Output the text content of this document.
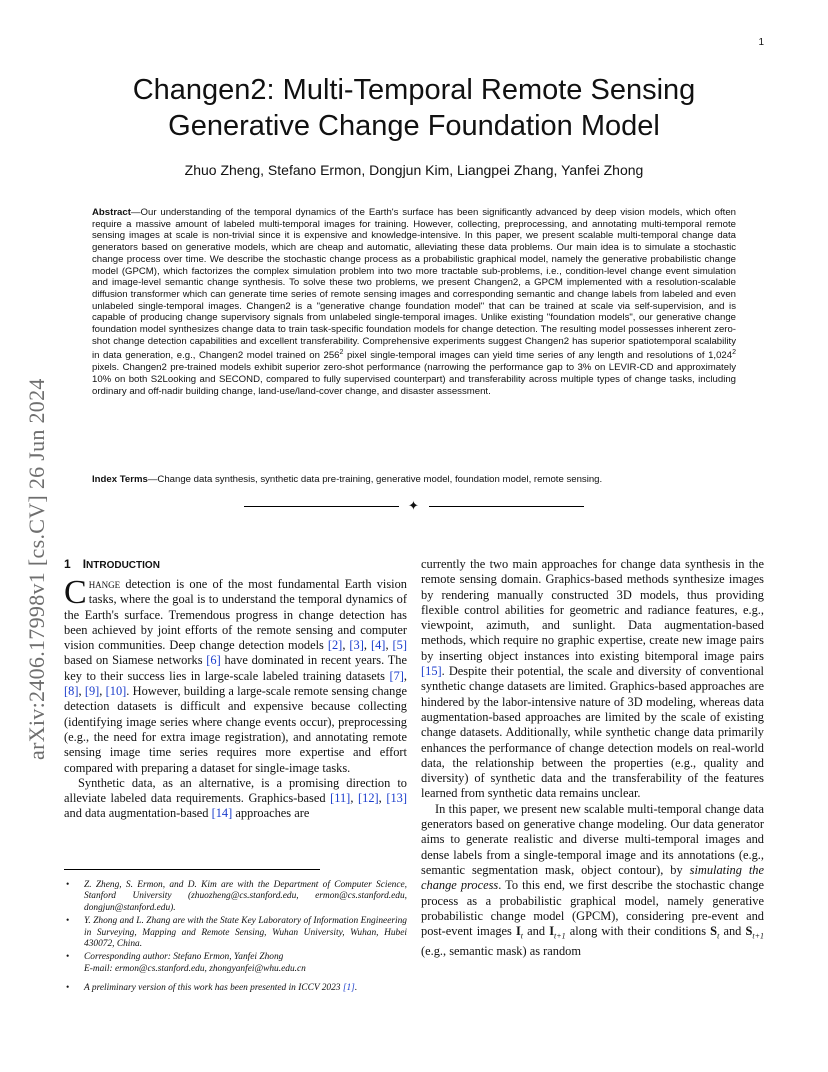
1
arXiv:2406.17998v1 [cs.CV] 26 Jun 2024
Changen2: Multi-Temporal Remote Sensing
Generative Change Foundation Model
Zhuo Zheng, Stefano Ermon, Dongjun Kim, Liangpei Zhang, Yanfei Zhong

Abstract—Our understanding of the temporal dynamics of the Earth's surface has been significantly advanced by deep vision models, which often require a massive amount of labeled multi-temporal images for training. However, collecting, preprocessing, and annotating multi-temporal remote sensing images at scale is non-trivial since it is expensive and knowledge-intensive. In this paper, we present scalable multi-temporal change data generators based on generative models, which are cheap and automatic, alleviating these data problems. Our main idea is to simulate a stochastic change process over time. We describe the stochastic change process as a probabilistic graphical model, namely the generative probabilistic change model (GPCM), which factorizes the complex simulation problem into two more tractable sub-problems, i.e., condition-level change event simulation and image-level semantic change synthesis. To solve these two problems, we present Changen2, a GPCM implemented with a resolution-scalable diffusion transformer which can generate time series of remote sensing images and corresponding semantic and change labels from labeled and even unlabeled single-temporal images. Changen2 is a "generative change foundation model" that can be trained at scale via self-supervision, and is capable of producing change supervisory signals from unlabeled single-temporal images. Unlike existing "foundation models", our generative change foundation model synthesizes change data to train task-specific foundation models for change detection. The resulting model possesses inherent zero-shot change detection capabilities and excellent transferability. Comprehensive experiments suggest Changen2 has superior spatiotemporal scalability in data generation, e.g., Changen2 model trained on $256^2$ pixel single-temporal images can yield time series of any length and resolutions of 1,024$^2$ pixels. Changen2 pre-trained models exhibit superior zero-shot performance (narrowing the performance gap to 3% on LEVIR-CD and approximately 10% on both S2Looking and SECOND, compared to fully supervised counterpart) and transferability across multiple types of change tasks, including ordinary and off-nadir building change, land-use/land-cover change, and disaster assessment.

Index Terms—Change data synthesis, synthetic data pre-training, generative model, foundation model, remote sensing.

✦
1 INTRODUCTION

Change detection is one of the most fundamental Earth vision tasks, where the goal is to understand the temporal dynamics of the Earth's surface. Tremendous progress in change detection has been achieved by joint efforts of the remote sensing and computer vision communities. Deep change detection models [2], [3], [4], [5] based on Siamese networks [6] have dominated in recent years. The key to their success lies in large-scale labeled training datasets [7], [8], [9], [10]. However, building a large-scale remote sensing change detection datasets is difficult and expensive because collecting (identifying image series where change events occur), preprocessing (e.g., the need for extra image registration), and annotating remote sensing image time series requires more expertise and effort compared with preparing a dataset for single-image tasks.

Synthetic data, as an alternative, is a promising direction to alleviate labeled data requirements. Graphics-based [11], [12], [13] and data augmentation-based [14] approaches are

• Z. Zheng, S. Ermon, and D. Kim are with the Department of Computer Science, Stanford University (zhuozheng@cs.stanford.edu, ermon@cs.stanford.edu, dongjun@stanford.edu).
• Y. Zhong and L. Zhang are with the State Key Laboratory of Information Engineering in Surveying, Mapping and Remote Sensing, Wuhan University, Wuhan, Hubei 430072, China.
• Corresponding author: Stefano Ermon, Yanfei Zhong
E-mail: ermon@cs.stanford.edu, zhongyanfei@whu.edu.cn
• A preliminary version of this work has been presented in ICCV 2023 [1].

currently the two main approaches for change data synthesis in the remote sensing domain. Graphics-based methods synthesize images by rendering manually constructed 3D models, thus providing flexible control abilities for geometric and radiance features, e.g., viewpoint, azimuth, and sunlight. Data augmentation-based methods, which require no graphic expertise, create new image pairs by inserting object instances into existing bitemporal image pairs [15]. Despite their potential, the scale and diversity of conventional synthetic change datasets are limited. Graphics-based approaches are hindered by the labor-intensive nature of 3D modeling, whereas data augmentation-based approaches are limited by the scale of existing change datasets. Additionally, while synthetic change data primarily enhances the performance of change detection models on real-world data, the relationship between the properties (e.g., quality and diversity) of synthetic data and the transferability of the features learned from synthetic data remains unclear.

In this paper, we present new scalable multi-temporal change data generators based on generative change modeling. Our data generator aims to generate realistic and diverse multi-temporal images and dense labels from a single-temporal image and its annotations (e.g., semantic segmentation mask, object contour), by simulating the change process. To this end, we first describe the stochastic change process as a probabilistic graphical model, namely generative probabilistic change model (GPCM), considering pre-event and post-event images $I_t$ and $I_{t+1}$ along with their conditions $S_t$ and $S_{t+1}$ (e.g., semantic mask) as random
